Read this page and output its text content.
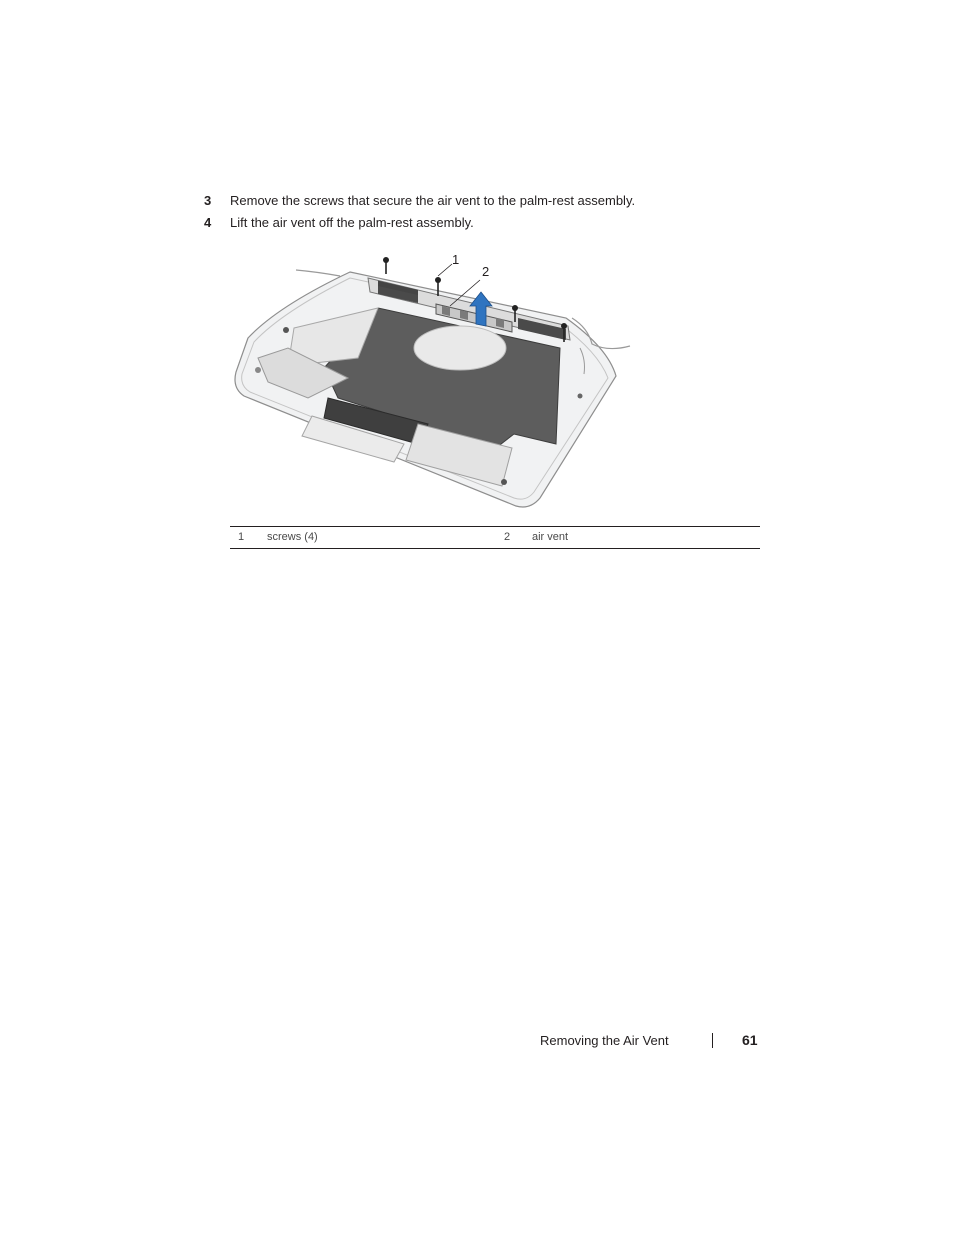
3 Remove the screws that secure the air vent to the palm-rest assembly.
4 Lift the air vent off the palm-rest assembly.
1
2
1 screws (4)	2 air vent
Removing the Air Vent	61
